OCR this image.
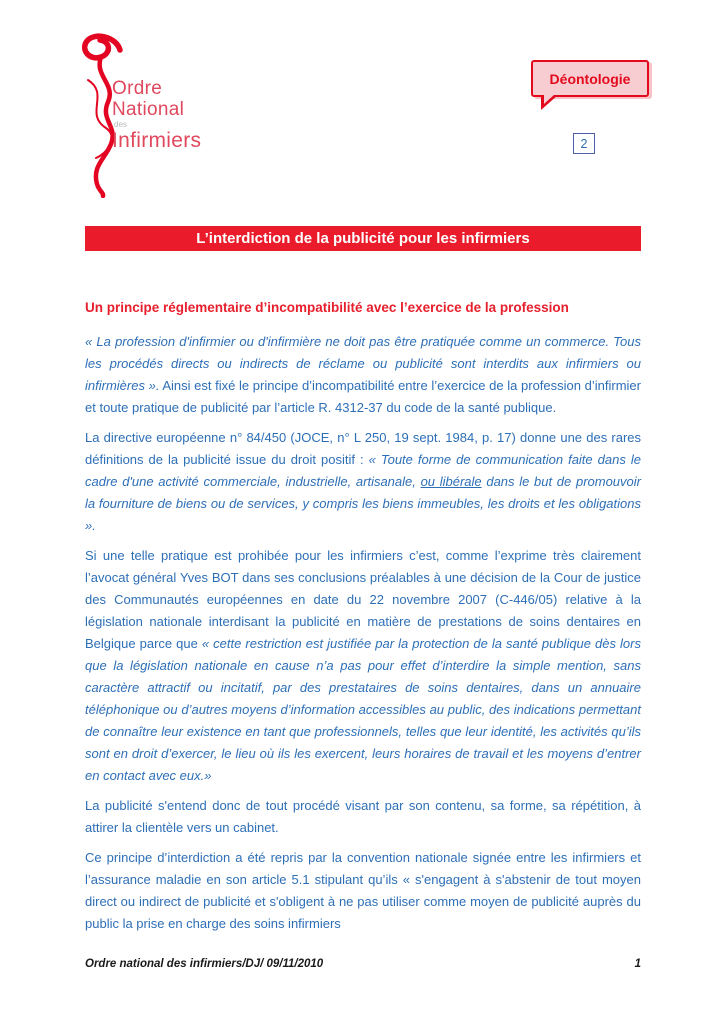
Ordre
National
des
Infirmiers
Déontologie
2
L’interdiction de la publicité pour les infirmiers
Un principe réglementaire d’incompatibilité avec l’exercice de la profession

« La profession d'infirmier ou d'infirmière ne doit pas être pratiquée comme un commerce. Tous les procédés directs ou indirects de réclame ou publicité sont interdits aux infirmiers ou infirmières ». Ainsi est fixé le principe d’incompatibilité entre l’exercice de la profession d’infirmier et toute pratique de publicité par l’article R. 4312-37 du code de la santé publique.

La directive européenne n° 84/450 (JOCE, n° L 250, 19 sept. 1984, p. 17) donne une des rares définitions de la publicité issue du droit positif : « Toute forme de communication faite dans le cadre d'une activité commerciale, industrielle, artisanale, ou libérale dans le but de promouvoir la fourniture de biens ou de services, y compris les biens immeubles, les droits et les obligations ».

Si une telle pratique est prohibée pour les infirmiers c’est, comme l’exprime très clairement l’avocat général Yves BOT dans ses conclusions préalables à une décision de la Cour de justice des Communautés européennes en date du 22 novembre 2007 (C-446/05) relative à la législation nationale interdisant la publicité en matière de prestations de soins dentaires en Belgique parce que « cette restriction est justifiée par la protection de la santé publique dès lors que la législation nationale en cause n’a pas pour effet d’interdire la simple mention, sans caractère attractif ou incitatif, par des prestataires de soins dentaires, dans un annuaire téléphonique ou d’autres moyens d’information accessibles au public, des indications permettant de connaître leur existence en tant que professionnels, telles que leur identité, les activités qu’ils sont en droit d’exercer, le lieu où ils les exercent, leurs horaires de travail et les moyens d’entrer en contact avec eux.»

La publicité s'entend donc de tout procédé visant par son contenu, sa forme, sa répétition, à attirer la clientèle vers un cabinet.

Ce principe d’interdiction a été repris par la convention nationale signée entre les infirmiers et l’assurance maladie en son article 5.1 stipulant qu’ils « s'engagent à s'abstenir de tout moyen direct ou indirect de publicité et s'obligent à ne pas utiliser comme moyen de publicité auprès du public la prise en charge des soins infirmiers

Ordre national des infirmiers/DJ/ 09/11/2010	1
